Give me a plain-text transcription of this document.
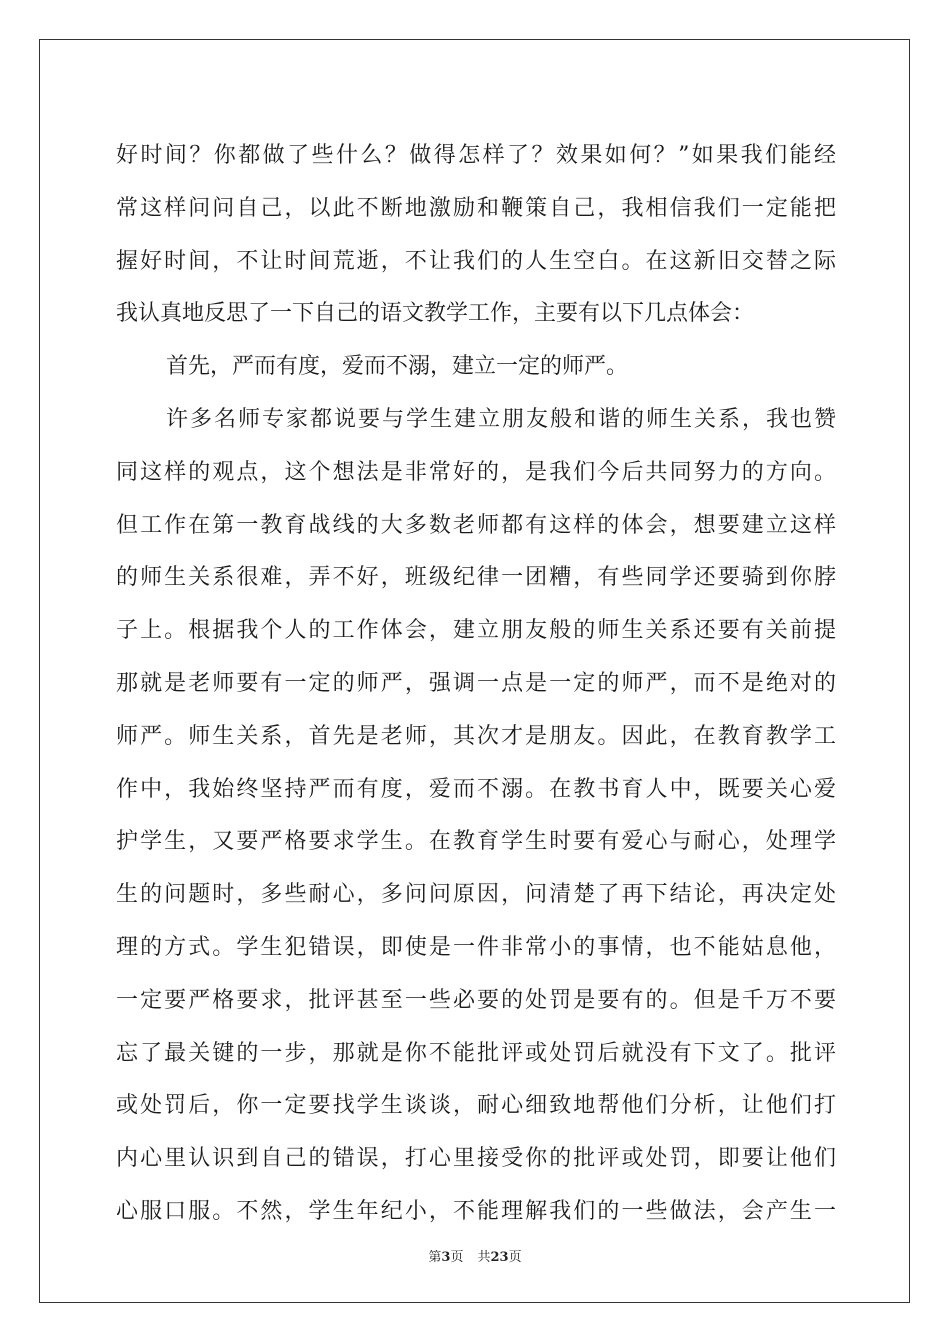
好时间？你都做了些什么？做得怎样了？效果如何？”如果我们能经
常这样问问自己，以此不断地激励和鞭策自己，我相信我们一定能把
握好时间，不让时间荒逝，不让我们的人生空白。在这新旧交替之际
我认真地反思了一下自己的语文教学工作，主要有以下几点体会：
首先，严而有度，爱而不溺，建立一定的师严。
许多名师专家都说要与学生建立朋友般和谐的师生关系，我也赞
同这样的观点，这个想法是非常好的，是我们今后共同努力的方向。
但工作在第一教育战线的大多数老师都有这样的体会，想要建立这样
的师生关系很难，弄不好，班级纪律一团糟，有些同学还要骑到你脖
子上。根据我个人的工作体会，建立朋友般的师生关系还要有关前提
那就是老师要有一定的师严，强调一点是一定的师严，而不是绝对的
师严。师生关系，首先是老师，其次才是朋友。因此，在教育教学工
作中，我始终坚持严而有度，爱而不溺。在教书育人中，既要关心爱
护学生，又要严格要求学生。在教育学生时要有爱心与耐心，处理学
生的问题时，多些耐心，多问问原因，问清楚了再下结论，再决定处
理的方式。学生犯错误，即使是一件非常小的事情，也不能姑息他，
一定要严格要求，批评甚至一些必要的处罚是要有的。但是千万不要
忘了最关键的一步，那就是你不能批评或处罚后就没有下文了。批评
或处罚后，你一定要找学生谈谈，耐心细致地帮他们分析，让他们打
内心里认识到自己的错误，打心里接受你的批评或处罚，即要让他们
心服口服。不然，学生年纪小，不能理解我们的一些做法，会产生一
第3页 共23页
